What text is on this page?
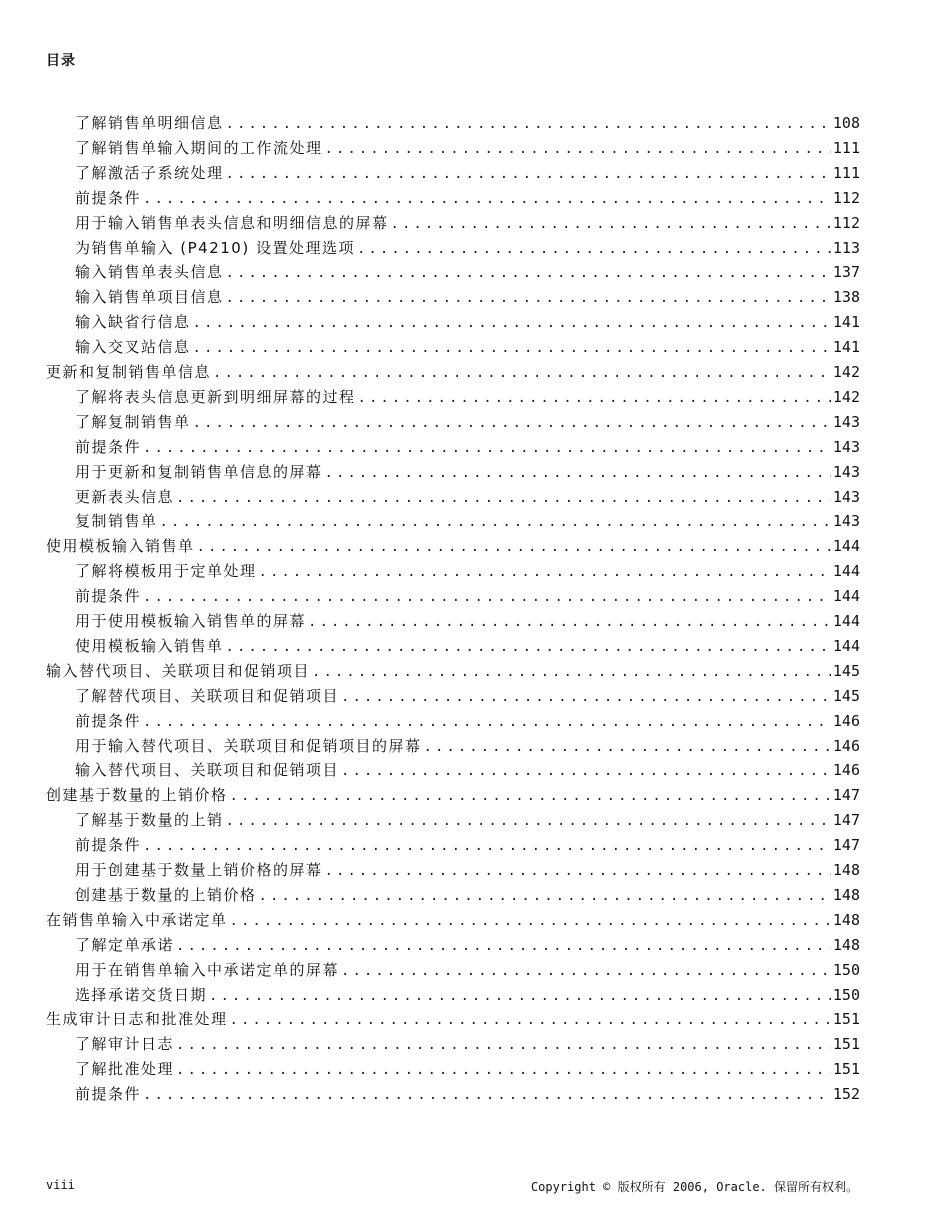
目录
了解销售单明细信息 .....	108
了解销售单输入期间的工作流处理 .....	111
了解激活子系统处理 .....	111
前提条件 .....	112
用于输入销售单表头信息和明细信息的屏幕 .....	112
为销售单输入 (P4210) 设置处理选项 .....	113
输入销售单表头信息 .....	137
输入销售单项目信息 .....	138
输入缺省行信息 .....	141
输入交叉站信息 .....	141
更新和复制销售单信息 .....	142
了解将表头信息更新到明细屏幕的过程 .....	142
了解复制销售单 .....	143
前提条件 .....	143
用于更新和复制销售单信息的屏幕 .....	143
更新表头信息 .....	143
复制销售单 .....	143
使用模板输入销售单 .....	144
了解将模板用于定单处理 .....	144
前提条件 .....	144
用于使用模板输入销售单的屏幕 .....	144
使用模板输入销售单 .....	144
输入替代项目、关联项目和促销项目 .....	145
了解替代项目、关联项目和促销项目 .....	145
前提条件 .....	146
用于输入替代项目、关联项目和促销项目的屏幕 .....	146
输入替代项目、关联项目和促销项目 .....	146
创建基于数量的上销价格 .....	147
了解基于数量的上销 .....	147
前提条件 .....	147
用于创建基于数量上销价格的屏幕 .....	148
创建基于数量的上销价格 .....	148
在销售单输入中承诺定单 .....	148
了解定单承诺 .....	148
用于在销售单输入中承诺定单的屏幕 .....	150
选择承诺交货日期 .....	150
生成审计日志和批准处理 .....	151
了解审计日志 .....	151
了解批准处理 .....	151
前提条件 .....	152
viii	Copyright © 版权所有 2006, Oracle. 保留所有权利。
